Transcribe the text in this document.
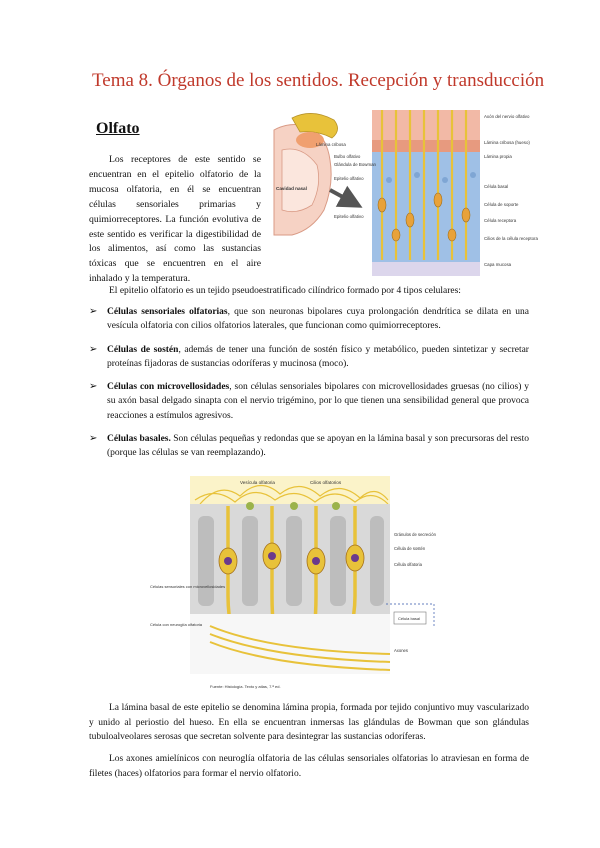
Tema 8. Órganos de los sentidos. Recepción y transducción
Olfato

Los receptores de este sentido se encuentran en el epitelio olfatorio de la mucosa olfatoria, en él se encuentran células sensoriales primarias y quimiorreceptores. La función evolutiva de este sentido es verificar la digestibilidad de los alimentos, así como las sustancias tóxicas que se encuentren en el aire inhalado y la temperatura.

Lámina cribosa
Bulbo olfativo
Glándula de Bowman
Epitelio olfativo
Cavidad nasal
Epitelio olfativo
Axón del nervio olfativo
Lámina cribosa (hueso)
Lámina propia
Célula basal
Célula de soporte
Célula receptora
Cilios de la célula receptora
Capa mucosa

El epitelio olfatorio es un tejido pseudoestratificado cilíndrico formado por 4 tipos celulares:

➢ Células sensoriales olfatorias, que son neuronas bipolares cuya prolongación dendrítica se dilata en una vesícula olfatoria con cilios olfatorios laterales, que funcionan como quimiorreceptores.
➢ Células de sostén, además de tener una función de sostén físico y metabólico, pueden sintetizar y secretar proteínas fijadoras de sustancias odoríferas y mucinosa (moco).
➢ Células con microvellosidades, son células sensoriales bipolares con microvellosidades gruesas (no cilios) y su axón basal delgado sinapta con el nervio trigémino, por lo que tienen una sensibilidad general que provoca reacciones a estímulos agresivos.
➢ Células basales. Son células pequeñas y redondas que se apoyan en la lámina basal y son precursoras del resto (porque las células se van reemplazando).
Vesícula olfatoria	Cilios olfatorios
Gránulos de secreción
Célula de sostén
Célula olfatoria
Célula basal
Células sensoriales con microvellosidades
Célula con neuroglía olfatoria
Axones
Fuente: Histología. Texto y atlas, 7.ª ed.

La lámina basal de este epitelio se denomina lámina propia, formada por tejido conjuntivo muy vascularizado y unido al periostio del hueso. En ella se encuentran inmersas las glándulas de Bowman que son glándulas tubuloalveolares serosas que secretan solvente para desintegrar las sustancias odoríferas.

Los axones amielínicos con neuroglía olfatoria de las células sensoriales olfatorias lo atraviesan en forma de filetes (haces) olfatorios para formar el nervio olfatorio.
